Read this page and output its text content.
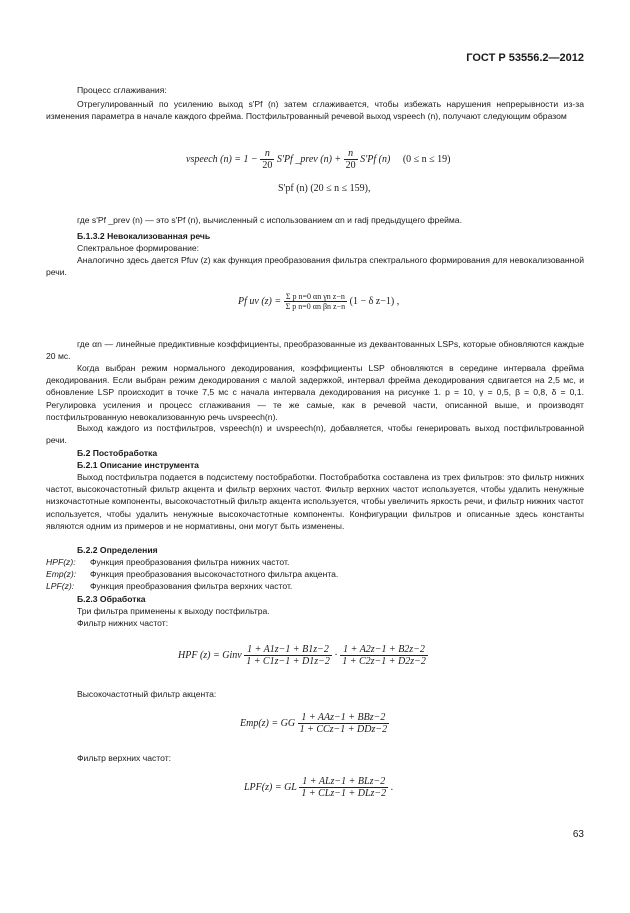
ГОСТ Р 53556.2—2012
Процесс сглаживания:
Отрегулированный по усилению выход s'Pf (n) затем сглаживается, чтобы избежать нарушения непрерывности из-за изменения параметра в начале каждого фрейма. Постфильтрованный речевой выход vspeech (n), получают следующим образом
vspeech $(n) = 1 - \frac{n}{20} S'Pf$ _prev $(n) + \frac{n}{20} S'Pf$ (n) (0 ≤ n ≤ 19)
S'pf (n) (20 ≤ n ≤ 159),
где s'Pf _prev (n) — это s'Pf (n), вычисленный с использованием αn и radj предыдущего фрейма.
Б.1.3.2 Невокализованная речь
Спектральное формирование:
Аналогично здесь дается Pfuv (z) как функция преобразования фильтра спектрального формирования для невокализованной речи.
Pf uv $(z) = \frac{\text{Σ p n=0 αn γn z−n}}{\text{Σ p n=0 αn βn z−n}} (1 - \delta$ z−1) ,
где αn — линейные предиктивные коэффициенты, преобразованные из деквантованных LSPs, которые обновляются каждые 20 мс.
Когда выбран режим нормального декодирования, коэффициенты LSP обновляются в середине интервала фрейма декодирования. Если выбран режим декодирования с малой задержкой, интервал фрейма декодирования сдвигается на 2,5 мс, и обновление LSP происходит в точке 7,5 мс с начала интервала декодирования на рисунке 1. p = 10, γ = 0,5, β = 0,8, δ = 0,1. Регулировка усиления и процесс сглаживания — те же самые, как в речевой части, описанной выше, и производят постфильтрованную невокализованную речь uvspeech(n).
Выход каждого из постфильтров, vspeech(n) и uvspeech(n), добавляется, чтобы генерировать выход постфильтрованной речи.
Б.2 Постобработка
Б.2.1 Описание инструмента
Выход постфильтра подается в подсистему постобработки. Постобработка составлена из трех фильтров: это фильтр нижних частот, высокочастотный фильтр акцента и фильтр верхних частот. Фильтр верхних частот используется, чтобы удалить ненужные низкочастотные компоненты, высокочастотный фильтр акцента используется, чтобы увеличить яркость речи, и фильтр нижних частот используется, чтобы удалить ненужные высокочастотные компоненты. Конфигурации фильтров и описанные здесь константы являются одним из примеров и не нормативны, они могут быть изменены.
Б.2.2 Определения
HPF(z): Функция преобразования фильтра нижних частот.
Emp(z): Функция преобразования высокочастотного фильтра акцента.
LPF(z): Функция преобразования фильтра верхних частот.
Б.2.3 Обработка
Три фильтра применены к выходу постфильтра.
Фильтр нижних частот:
HPF (z) = Ginv $\frac{1 + A1z-1 + B1z-2}{1 + C1z-1 + D1z-2} \cdot \frac{1 + A2z-1 + B2z-2}{1 + C2z-1 + D2z-2}$
Высокочастотный фильтр акцента:
Emp(z) = GG $\frac{\text{1 + AAz−1 + BBz−2}}{\text{1 + CCz−1 + DDz−2}}$
Фильтр верхних частот:
LPF(z) = GL $\frac{\text{1 + ALz−1 + BLz−2}}{\text{1 + CLz−1 + DLz−2}}$ .
63
